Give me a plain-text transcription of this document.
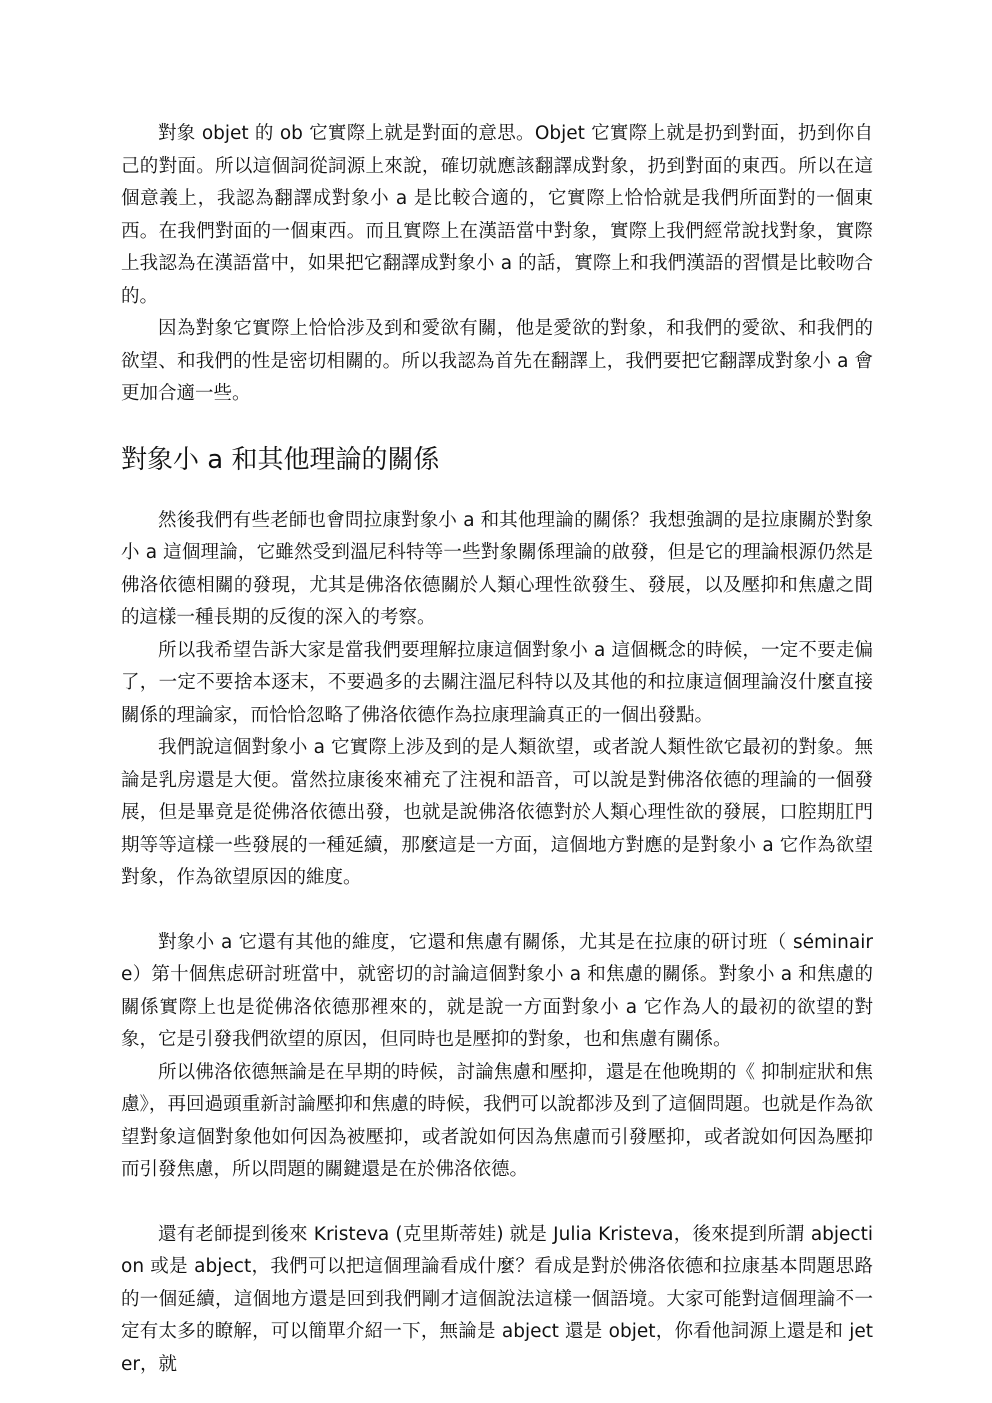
對象 objet 的 ob 它實際上就是對面的意思。Objet 它實際上就是扔到對面，扔到你自己的對面。所以這個詞從詞源上來說，確切就應該翻譯成對象，扔到對面的東西。所以在這個意義上，我認為翻譯成對象小 a 是比較合適的，它實際上恰恰就是我們所面對的一個東西。在我們對面的一個東西。而且實際上在漢語當中對象，實際上我們經常說找對象，實際上我認為在漢語當中，如果把它翻譯成對象小 a 的話，實際上和我們漢語的習慣是比較吻合的。

因為對象它實際上恰恰涉及到和愛欲有關，他是愛欲的對象，和我們的愛欲、和我們的欲望、和我們的性是密切相關的。所以我認為首先在翻譯上，我們要把它翻譯成對象小 a 會更加合適一些。

對象小 a 和其他理論的關係

然後我們有些老師也會問拉康對象小 a 和其他理論的關係？我想強調的是拉康關於對象小 a 這個理論，它雖然受到溫尼科特等一些對象關係理論的啟發，但是它的理論根源仍然是佛洛依德相關的發現，尤其是佛洛依德關於人類心理性欲發生、發展，以及壓抑和焦慮之間的這樣一種長期的反復的深入的考察。

所以我希望告訴大家是當我們要理解拉康這個對象小 a 這個概念的時候，一定不要走偏了，一定不要捨本逐末，不要過多的去關注溫尼科特以及其他的和拉康這個理論沒什麼直接關係的理論家，而恰恰忽略了佛洛依德作為拉康理論真正的一個出發點。

我們說這個對象小 a 它實際上涉及到的是人類欲望，或者說人類性欲它最初的對象。無論是乳房還是大便。當然拉康後來補充了注視和語音，可以說是對佛洛依德的理論的一個發展，但是畢竟是從佛洛依德出發，也就是說佛洛依德對於人類心理性欲的發展，口腔期肛門期等等這樣一些發展的一種延續，那麼這是一方面，這個地方對應的是對象小 a 它作為欲望對象，作為欲望原因的維度。

對象小 a 它還有其他的維度，它還和焦慮有關係，尤其是在拉康的研讨班（ séminaire）第十個焦虑研討班當中，就密切的討論這個對象小 a 和焦慮的關係。對象小 a 和焦慮的關係實際上也是從佛洛依德那裡來的，就是說一方面對象小 a 它作為人的最初的欲望的對象，它是引發我們欲望的原因，但同時也是壓抑的對象，也和焦慮有關係。

所以佛洛依德無論是在早期的時候，討論焦慮和壓抑，還是在他晚期的《 抑制症狀和焦慮》，再回過頭重新討論壓抑和焦慮的時候，我們可以說都涉及到了這個問題。也就是作為欲望對象這個對象他如何因為被壓抑，或者說如何因為焦慮而引發壓抑，或者說如何因為壓抑而引發焦慮，所以問題的關鍵還是在於佛洛依德。

還有老師提到後來 Kristeva (克里斯蒂娃) 就是 Julia Kristeva，後來提到所謂 abjection 或是 abject，我們可以把這個理論看成什麼？看成是對於佛洛依德和拉康基本問題思路的一個延續，這個地方還是回到我們剛才這個說法這樣一個語境。大家可能對這個理論不一定有太多的瞭解，可以簡單介紹一下，無論是 abject 還是 objet，你看他詞源上還是和 jeter，就
